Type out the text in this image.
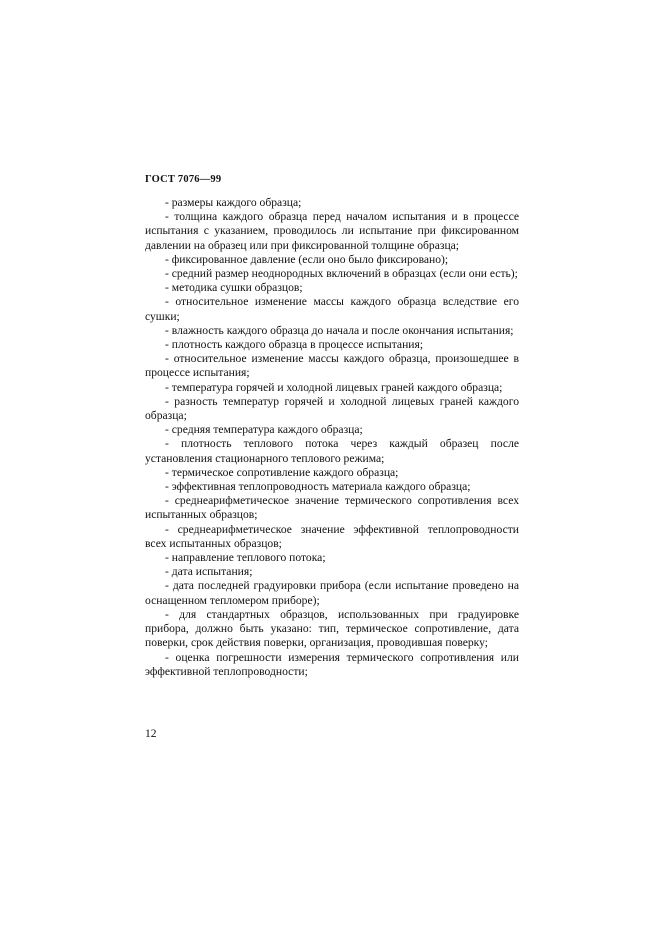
ГОСТ 7076—99

- размеры каждого образца;

- толщина каждого образца перед началом испытания и в процессе испытания с указанием, проводилось ли испытание при фиксированном давлении на образец или при фиксированной толщине образца;

- фиксированное давление (если оно было фиксировано);

- средний размер неоднородных включений в образцах (если они есть);

- методика сушки образцов;

- относительное изменение массы каждого образца вследствие его сушки;

- влажность каждого образца до начала и после окончания испытания;

- плотность каждого образца в процессе испытания;

- относительное изменение массы каждого образца, произошедшее в процессе испытания;

- температура горячей и холодной лицевых граней каждого образца;

- разность температур горячей и холодной лицевых граней каждого образца;

- средняя температура каждого образца;

- плотность теплового потока через каждый образец после установления стационарного теплового режима;

- термическое сопротивление каждого образца;

- эффективная теплопроводность материала каждого образца;

- среднеарифметическое значение термического сопротивления всех испытанных образцов;

- среднеарифметическое значение эффективной теплопроводности всех испытанных образцов;

- направление теплового потока;

- дата испытания;

- дата последней градуировки прибора (если испытание проведено на оснащенном тепломером приборе);

- для стандартных образцов, использованных при градуировке прибора, должно быть указано: тип, термическое сопротивление, дата поверки, срок действия поверки, организация, проводившая поверку;

- оценка погрешности измерения термического сопротивления или эффективной теплопроводности;

12
